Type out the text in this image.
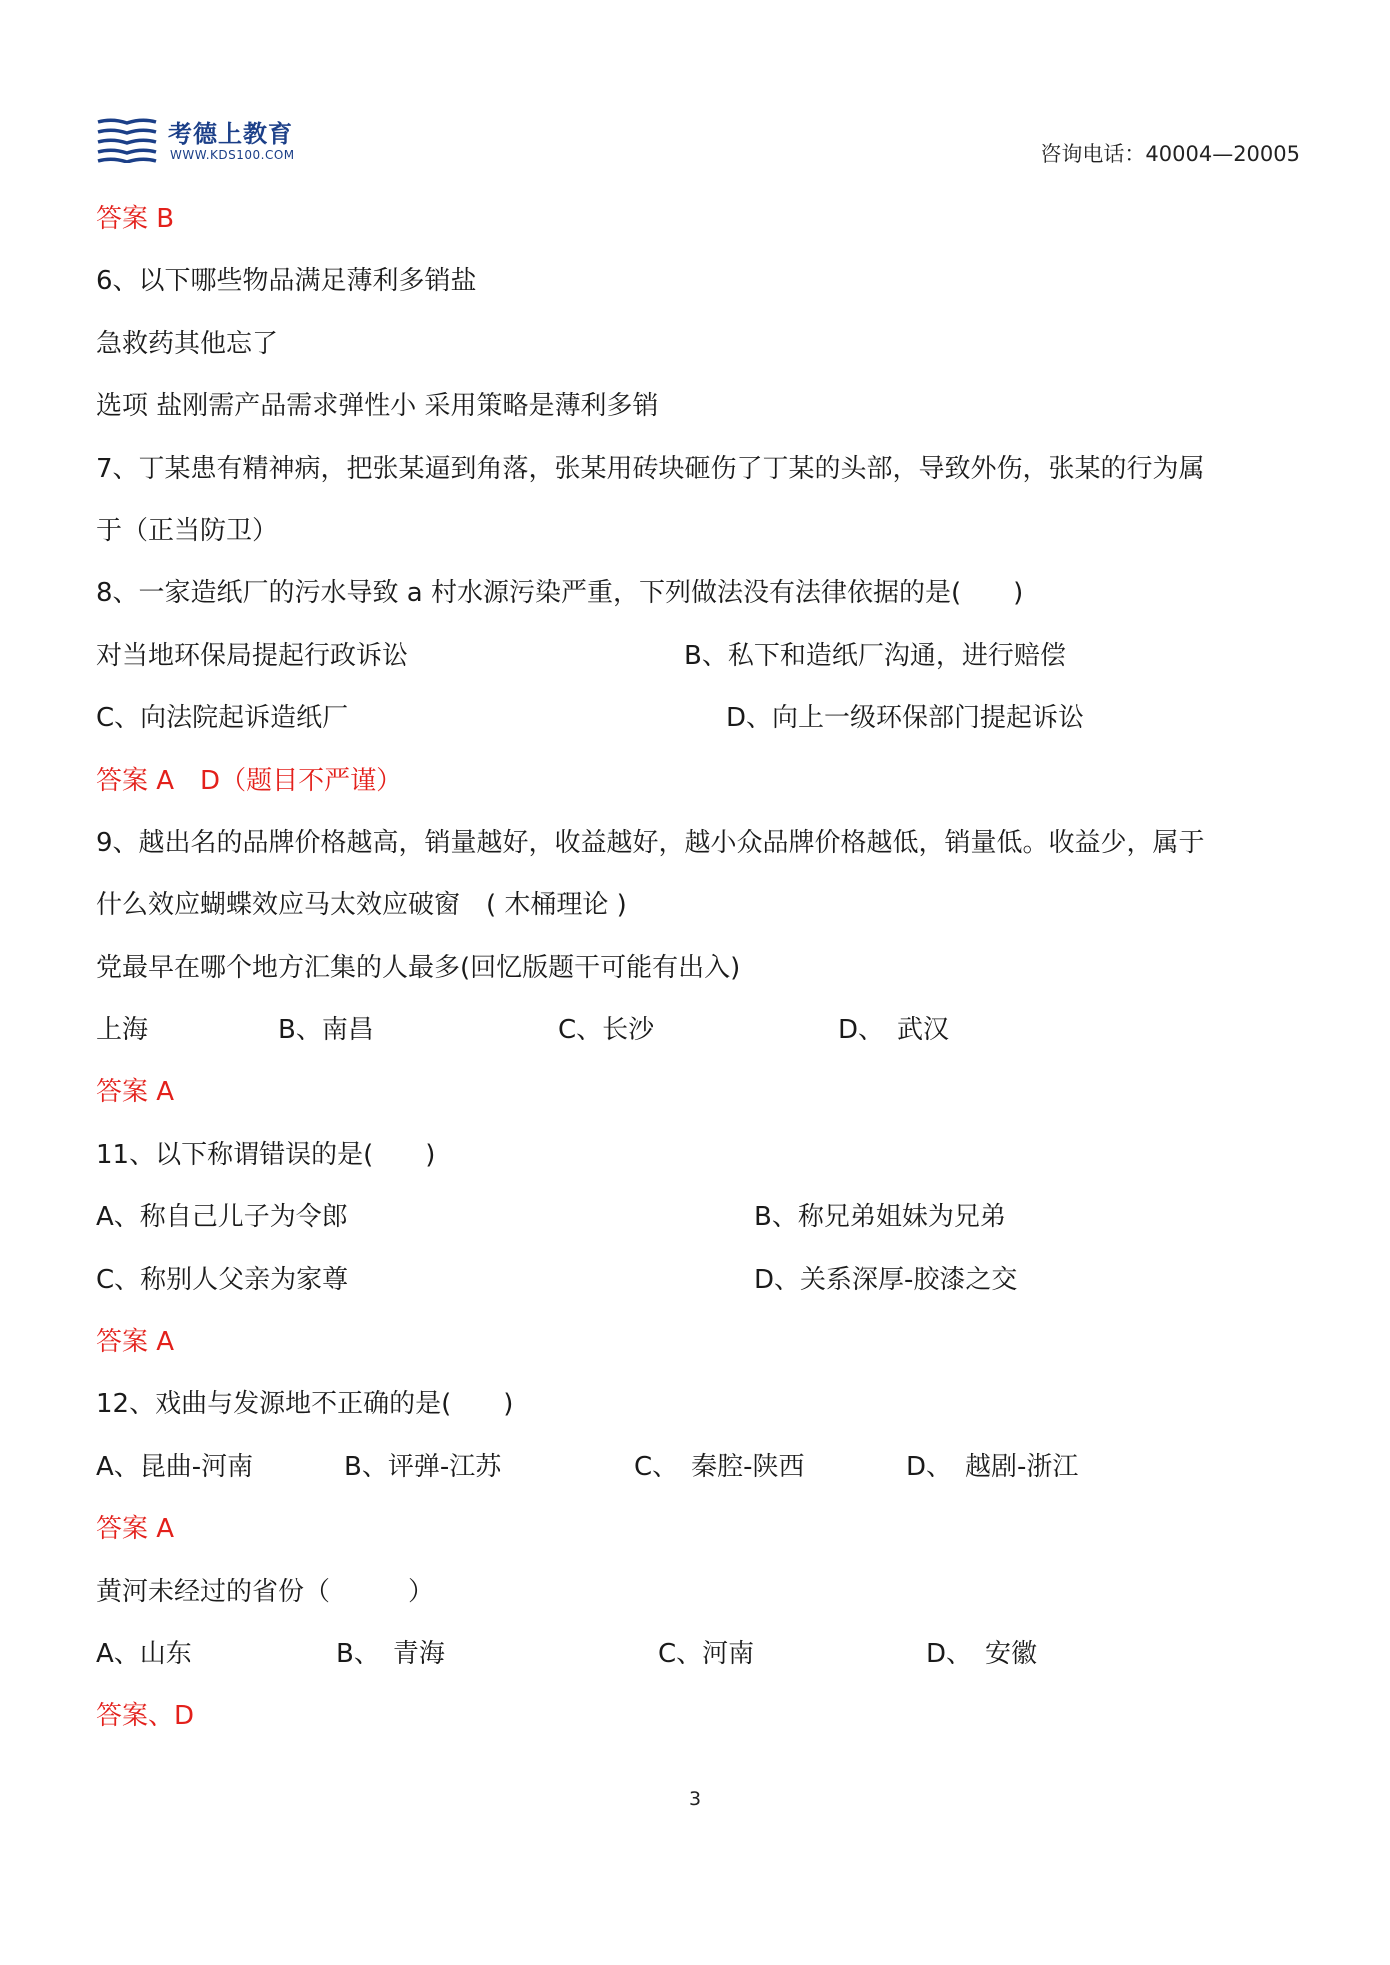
考德上教育
WWW.KDS100.COM	咨询电话：40004—20005
答案 B
6、以下哪些物品满足薄利多销盐
急救药其他忘了
选项 盐刚需产品需求弹性小 采用策略是薄利多销
7、丁某患有精神病，把张某逼到角落，张某用砖块砸伤了丁某的头部，导致外伤，张某的行为属
于（正当防卫）
8、一家造纸厂的污水导致 a 村水源污染严重，下列做法没有法律依据的是(　　)
对当地环保局提起行政诉讼	B、私下和造纸厂沟通，进行赔偿
C、向法院起诉造纸厂	D、向上一级环保部门提起诉讼
答案 A　D（题目不严谨）
9、越出名的品牌价格越高，销量越好，收益越好，越小众品牌价格越低，销量低。收益少，属于
什么效应蝴蝶效应马太效应破窗　( 木桶理论 )
党最早在哪个地方汇集的人最多(回忆版题干可能有出入)
上海	B、南昌	C、长沙	D、　武汉
答案 A
11、以下称谓错误的是(　　)
A、称自己儿子为令郎	B、称兄弟姐妹为兄弟
C、称别人父亲为家尊	D、关系深厚-胶漆之交
答案 A
12、戏曲与发源地不正确的是(　　)
A、昆曲-河南	B、评弹-江苏	C、　秦腔-陕西	D、　越剧-浙江
答案 A
黄河未经过的省份（　　　）
A、山东	B、　青海	C、河南	D、　安徽
答案、D
3
